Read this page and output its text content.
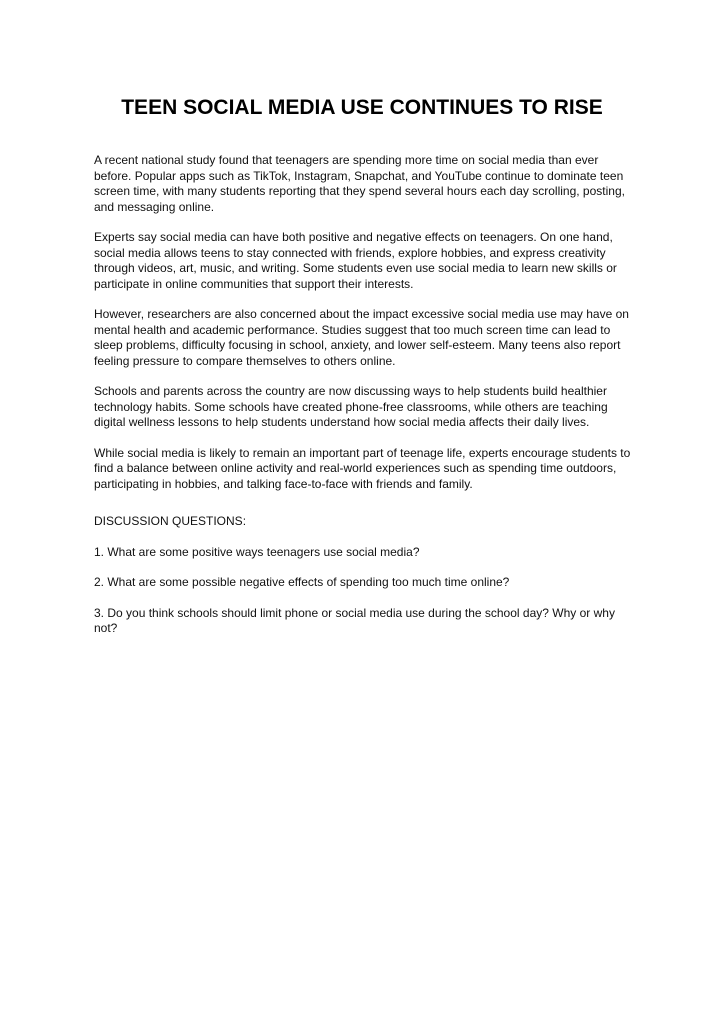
TEEN SOCIAL MEDIA USE CONTINUES TO RISE

A recent national study found that teenagers are spending more time on social media than ever before. Popular apps such as TikTok, Instagram, Snapchat, and YouTube continue to dominate teen screen time, with many students reporting that they spend several hours each day scrolling, posting, and messaging online.

Experts say social media can have both positive and negative effects on teenagers. On one hand, social media allows teens to stay connected with friends, explore hobbies, and express creativity through videos, art, music, and writing. Some students even use social media to learn new skills or participate in online communities that support their interests.

However, researchers are also concerned about the impact excessive social media use may have on mental health and academic performance. Studies suggest that too much screen time can lead to sleep problems, difficulty focusing in school, anxiety, and lower self-esteem. Many teens also report feeling pressure to compare themselves to others online.

Schools and parents across the country are now discussing ways to help students build healthier technology habits. Some schools have created phone-free classrooms, while others are teaching digital wellness lessons to help students understand how social media affects their daily lives.

While social media is likely to remain an important part of teenage life, experts encourage students to find a balance between online activity and real-world experiences such as spending time outdoors, participating in hobbies, and talking face-to-face with friends and family.

DISCUSSION QUESTIONS:

1. What are some positive ways teenagers use social media?

2. What are some possible negative effects of spending too much time online?

3. Do you think schools should limit phone or social media use during the school day? Why or why not?
